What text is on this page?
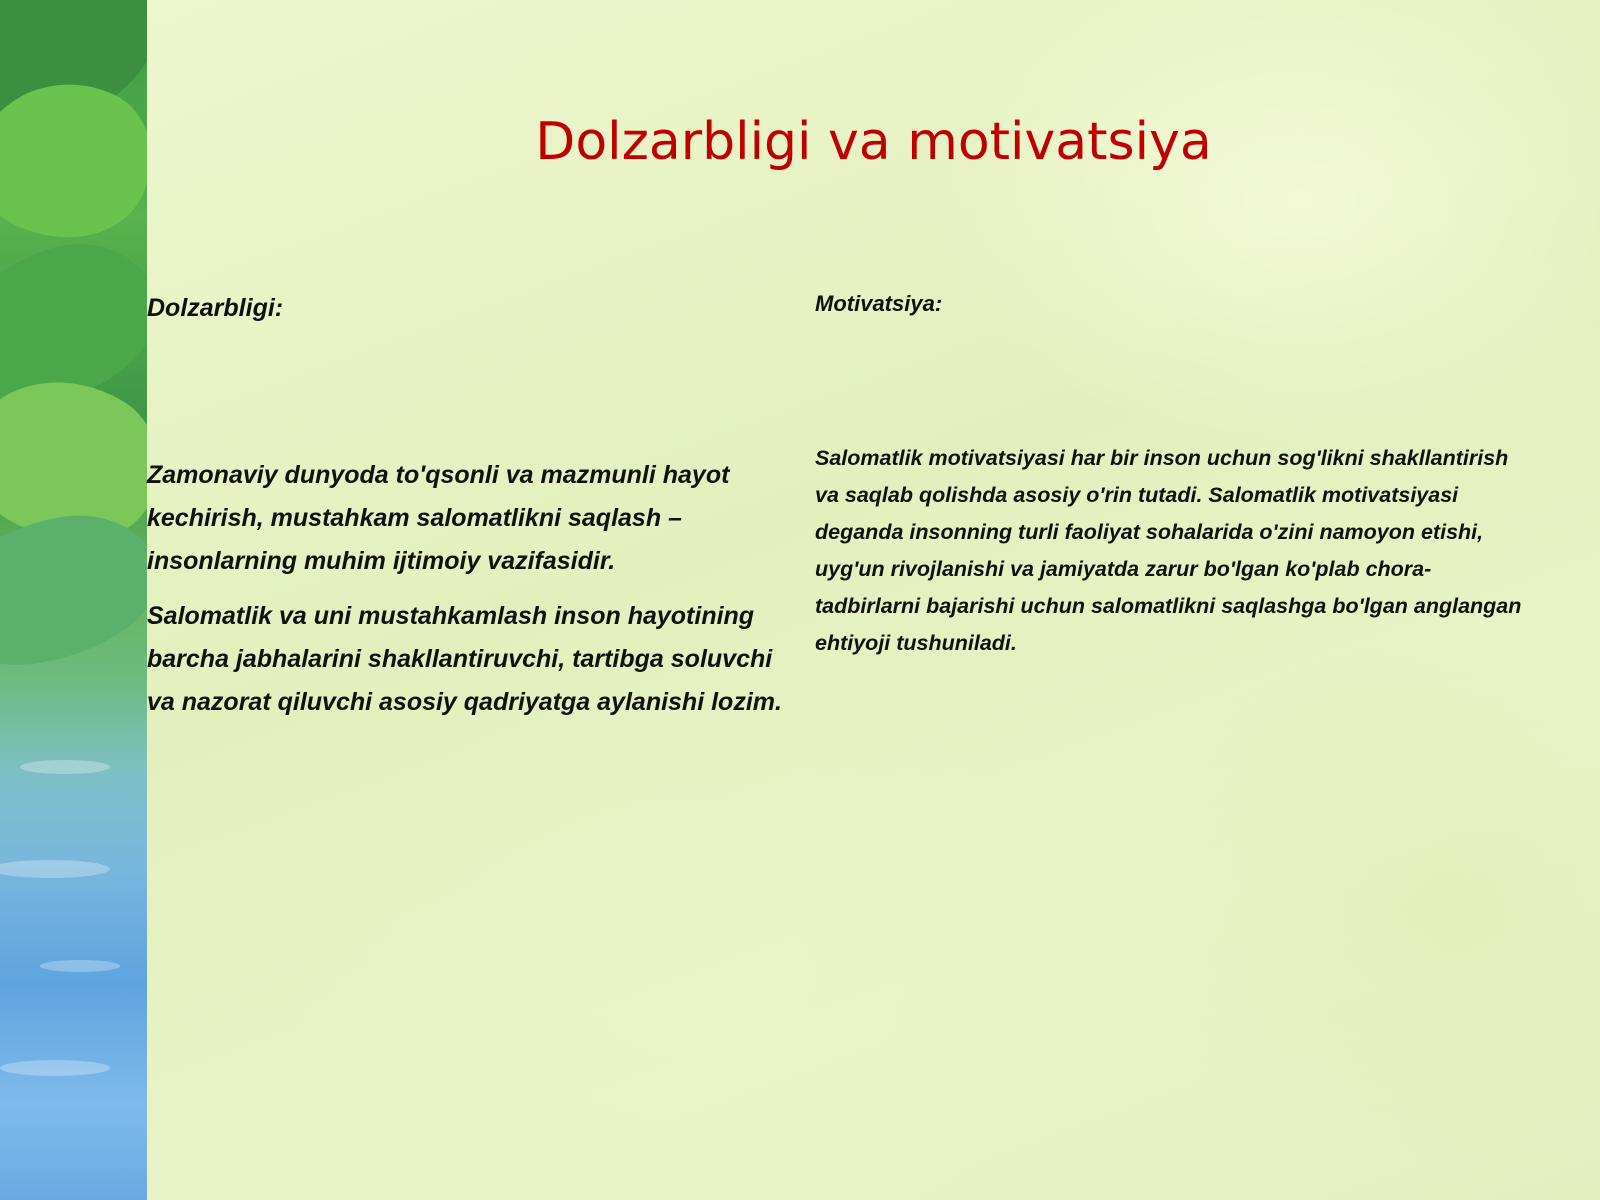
Dolzarbligi va motivatsiya

Dolzarbligi:

Zamonaviy dunyoda to'qsonli va mazmunli hayot kechirish, mustahkam salomatlikni saqlash – insonlarning muhim ijtimoiy vazifasidir.

Salomatlik va uni mustahkamlash inson hayotining barcha jabhalarini shakllantiruvchi, tartibga soluvchi va nazorat qiluvchi asosiy qadriyatga aylanishi lozim.

Motivatsiya:

Salomatlik motivatsiyasi har bir inson uchun sog'likni shakllantirish va saqlab qolishda asosiy o'rin tutadi. Salomatlik motivatsiyasi deganda insonning turli faoliyat sohalarida o'zini namoyon etishi, uyg'un rivojlanishi va jamiyatda zarur bo'lgan ko'plab chora-tadbirlarni bajarishi uchun salomatlikni saqlashga bo'lgan anglangan ehtiyoji tushuniladi.
